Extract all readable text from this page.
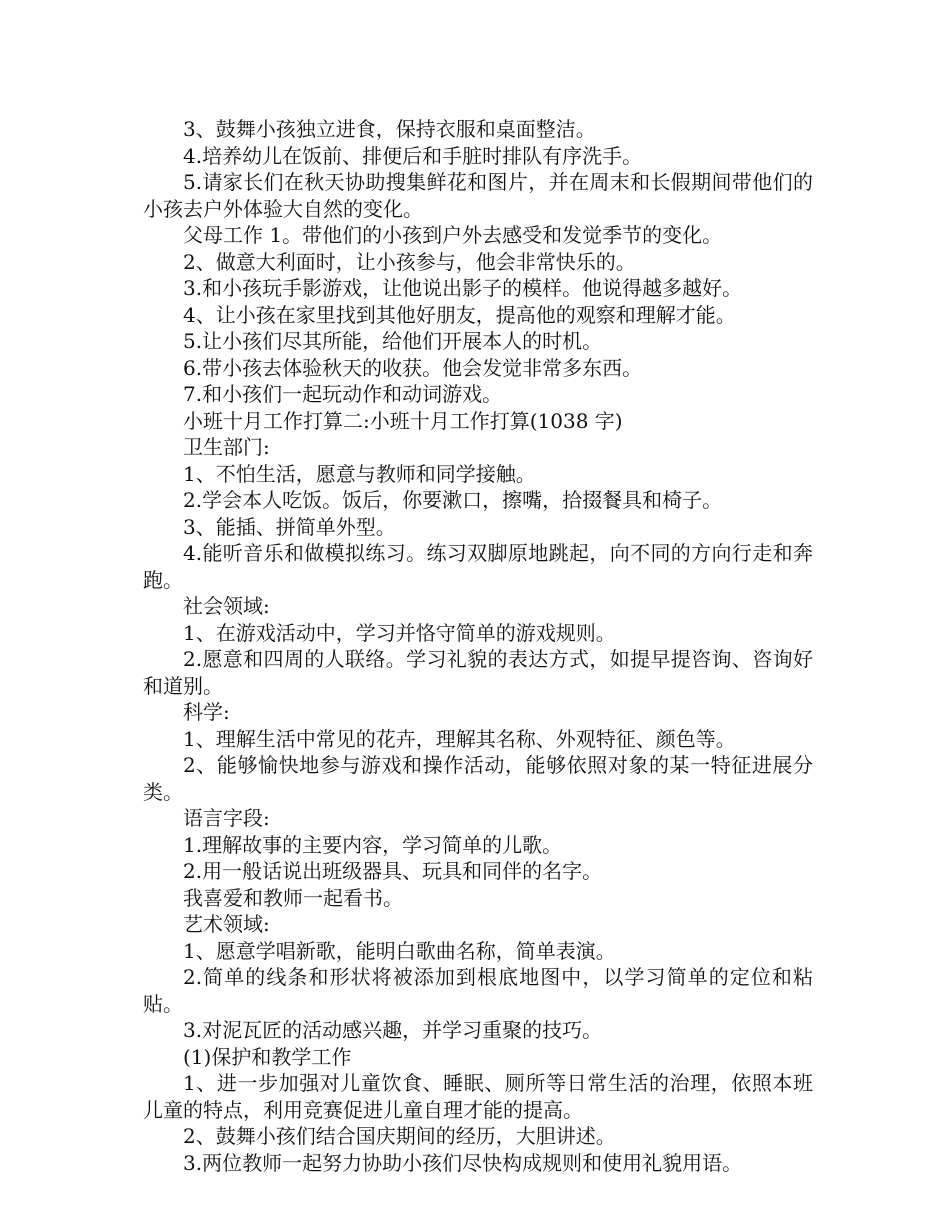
3、鼓舞小孩独立进食，保持衣服和桌面整洁。

4.培养幼儿在饭前、排便后和手脏时排队有序洗手。

5.请家长们在秋天协助搜集鲜花和图片，并在周末和长假期间带他们的小孩去户外体验大自然的变化。

父母工作 1。带他们的小孩到户外去感受和发觉季节的变化。

2、做意大利面时，让小孩参与，他会非常快乐的。

3.和小孩玩手影游戏，让他说出影子的模样。他说得越多越好。

4、让小孩在家里找到其他好朋友，提高他的观察和理解才能。

5.让小孩们尽其所能，给他们开展本人的时机。

6.带小孩去体验秋天的收获。他会发觉非常多东西。

7.和小孩们一起玩动作和动词游戏。

小班十月工作打算二:小班十月工作打算(1038 字)

卫生部门:

1、不怕生活，愿意与教师和同学接触。

2.学会本人吃饭。饭后，你要漱口，擦嘴，拾掇餐具和椅子。

3、能插、拼简单外型。

4.能听音乐和做模拟练习。练习双脚原地跳起，向不同的方向行走和奔跑。

社会领域:

1、在游戏活动中，学习并恪守简单的游戏规则。

2.愿意和四周的人联络。学习礼貌的表达方式，如提早提咨询、咨询好和道别。

科学:

1、理解生活中常见的花卉，理解其名称、外观特征、颜色等。

2、能够愉快地参与游戏和操作活动，能够依照对象的某一特征进展分类。

语言字段:

1.理解故事的主要内容，学习简单的儿歌。

2.用一般话说出班级器具、玩具和同伴的名字。

我喜爱和教师一起看书。

艺术领域:

1、愿意学唱新歌，能明白歌曲名称，简单表演。

2.简单的线条和形状将被添加到根底地图中，以学习简单的定位和粘贴。

3.对泥瓦匠的活动感兴趣，并学习重聚的技巧。

(1)保护和教学工作

1、进一步加强对儿童饮食、睡眠、厕所等日常生活的治理，依照本班儿童的特点，利用竞赛促进儿童自理才能的提高。

2、鼓舞小孩们结合国庆期间的经历，大胆讲述。

3.两位教师一起努力协助小孩们尽快构成规则和使用礼貌用语。
